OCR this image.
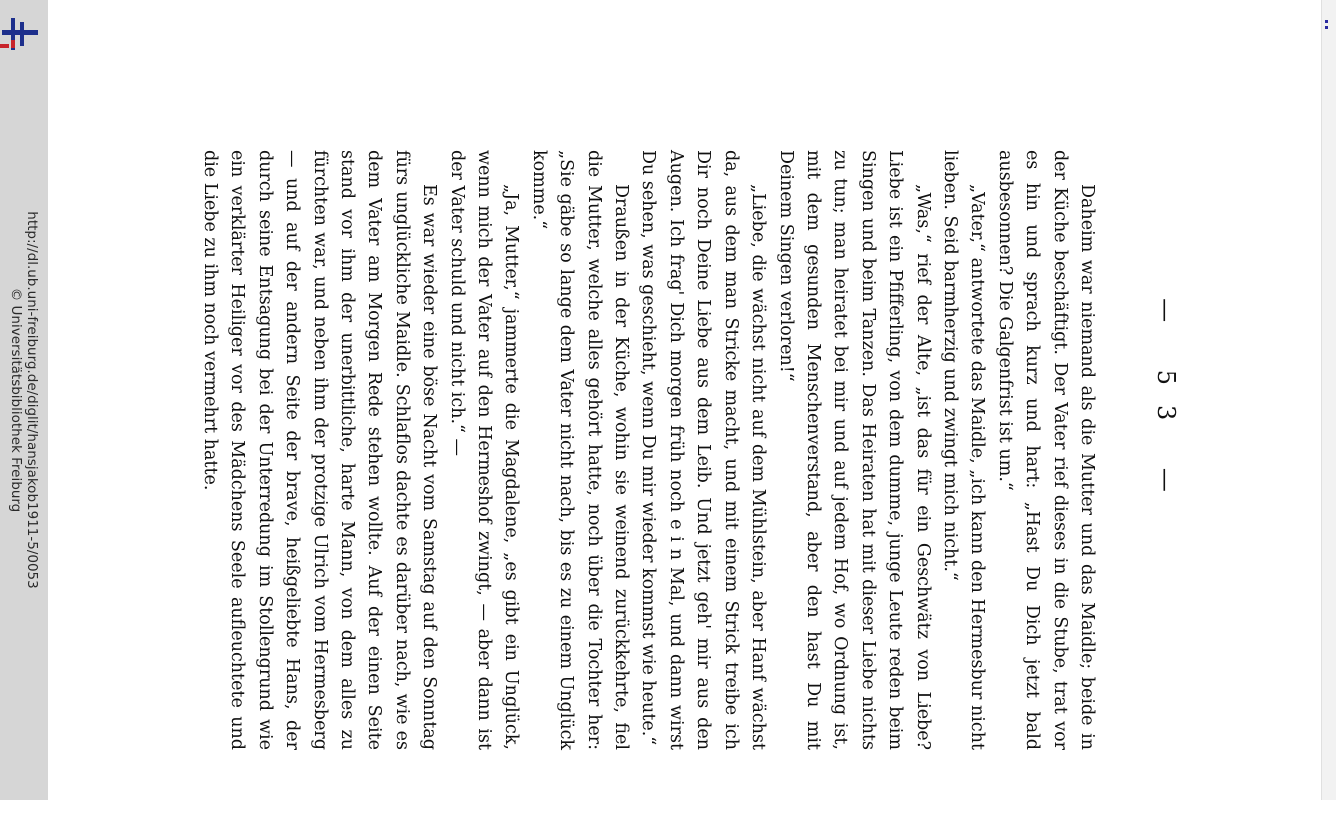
http://dl.ub.uni-freiburg.de/diglit/hansjakob1911-5/0053
© Universitätsbibliothek Freiburg	— 53 —

Daheim war niemand als die Mutter und das Maidle; beide in der Küche beschäftigt. Der Vater rief dieses in die Stube, trat vor es hin und sprach kurz und hart: „Hast Du Dich jetzt bald ausbesonnen? Die Galgenfrist ist um.“

„Vater,“ antwortete das Maidle, „ich kann den Hermesbur nicht lieben. Seid barmherzig und zwingt mich nicht.“

„Was,“ rief der Alte, „ist das für ein Geschwätz von Liebe? Liebe ist ein Pfifferling, von dem dumme, junge Leute reden beim Singen und beim Tanzen. Das Heiraten hat mit dieser Liebe nichts zu tun; man heiratet bei mir und auf jedem Hof, wo Ordnung ist, mit dem gesunden Menschenverstand, aber den hast Du mit Deinem Singen verloren!“

„Liebe, die wächst nicht auf dem Mühlstein, aber Hanf wächst da, aus dem man Stricke macht, und mit einem Strick treibe ich Dir noch Deine Liebe aus dem Leib. Und jetzt geh' mir aus den Augen. Ich frag' Dich morgen früh noch e i n Mal, und dann wirst Du sehen, was geschieht, wenn Du mir wieder kommst wie heute.“

Draußen in der Küche, wohin sie weinend zurückkehrte, fiel die Mutter, welche alles gehört hatte, noch über die Tochter her: „Sie gäbe so lange dem Vater nicht nach, bis es zu einem Unglück komme.“

„Ja, Mutter,“ jammerte die Magdalene, „es gibt ein Unglück, wenn mich der Vater auf den Hermeshof zwingt, — aber dann ist der Vater schuld und nicht ich.“ —

Es war wieder eine böse Nacht vom Samstag auf den Sonntag fürs unglückliche Maidle. Schlaflos dachte es darüber nach, wie es dem Vater am Morgen Rede stehen wollte. Auf der einen Seite stand vor ihm der unerbittliche, harte Mann, von dem alles zu fürchten war, und neben ihm der protzige Ulrich vom Hermesberg — und auf der andern Seite der brave, heißgeliebte Hans, der durch seine Entsagung bei der Unterredung im Stollengrund wie ein verklärter Heiliger vor des Mädchens Seele aufleuchtete und die Liebe zu ihm noch vermehrt hatte.
